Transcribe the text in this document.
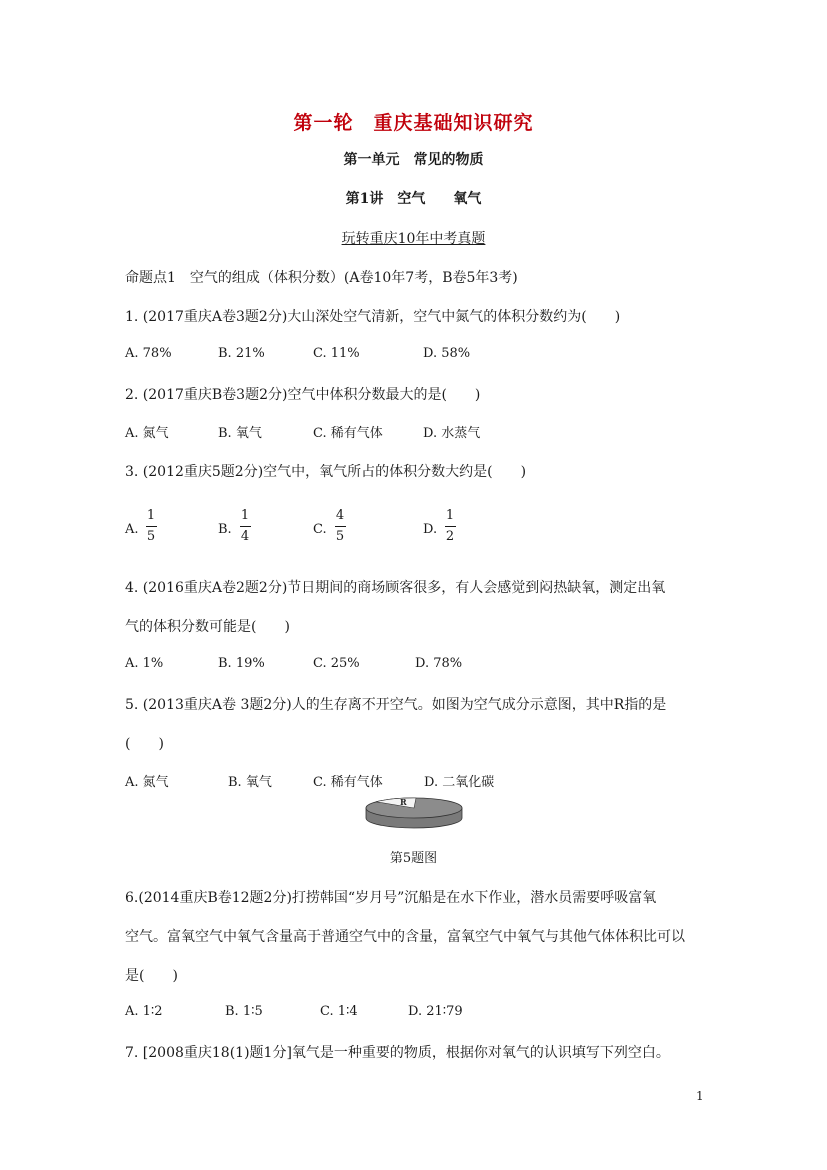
第一轮　重庆基础知识研究
第一单元　常见的物质
第1讲　空气　　氧气
玩转重庆10年中考真题
命题点1　空气的组成（体积分数）(A卷10年7考，B卷5年3考)
1. (2017重庆A卷3题2分)大山深处空气清新，空气中氮气的体积分数约为(　　)
A. 78%	B. 21%	C. 11%	D. 58%
2. (2017重庆B卷3题2分)空气中体积分数最大的是(　　)
A. 氮气	B. 氧气	C. 稀有气体	D. 水蒸气
3. (2012重庆5题2分)空气中，氧气所占的体积分数大约是(　　)
A.
1
5	B.
1
4	C.
4
5	D.
1
2
4. (2016重庆A卷2题2分)节日期间的商场顾客很多，有人会感觉到闷热缺氧，测定出氧
气的体积分数可能是(　　)
A. 1%	B. 19%	C. 25%	D. 78%
5. (2013重庆A卷 3题2分)人的生存离不开空气。如图为空气成分示意图，其中R指的是
(　　)
A. 氮气	B. 氧气	C. 稀有气体	D. 二氧化碳
R
第5题图
6.(2014重庆B卷12题2分)打捞韩国“岁月号”沉船是在水下作业，潜水员需要呼吸富氧
空气。富氧空气中氧气含量高于普通空气中的含量，富氧空气中氧气与其他气体体积比可以
是(　　)
A. 1∶2	B. 1∶5	C. 1∶4	D. 21∶79
7. [2008重庆18(1)题1分]氧气是一种重要的物质，根据你对氧气的认识填写下列空白。
1
